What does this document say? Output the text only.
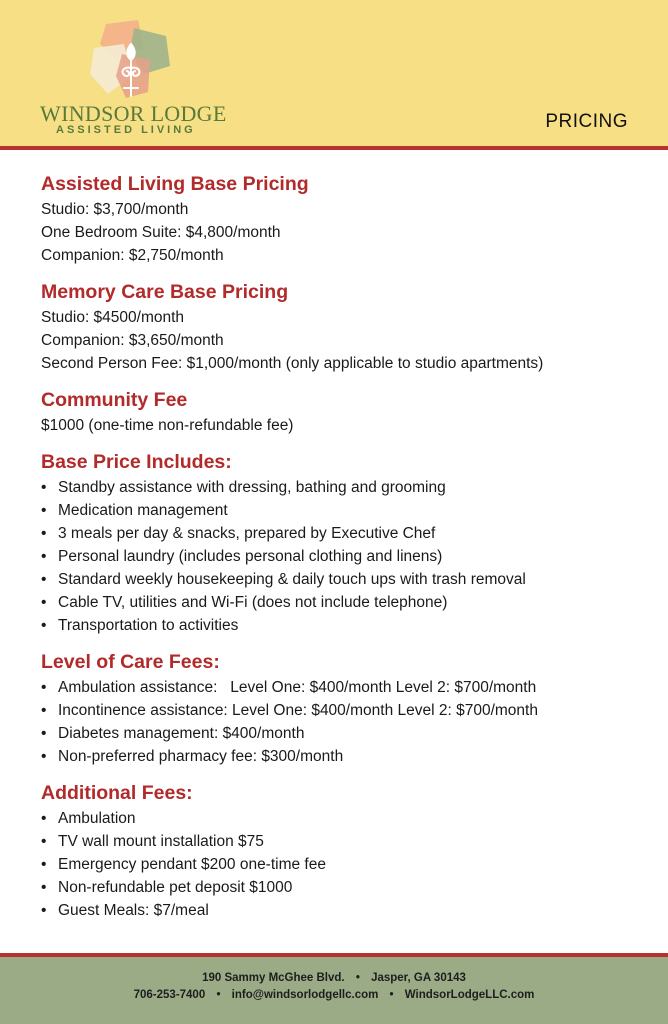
WINDSOR LODGE
ASSISTED LIVING	PRICING
Assisted Living Base Pricing
Studio: $3,700/month
One Bedroom Suite: $4,800/month
Companion: $2,750/month
Memory Care Base Pricing
Studio: $4500/month
Companion: $3,650/month
Second Person Fee: $1,000/month (only applicable to studio apartments)
Community Fee
$1000 (one-time non-refundable fee)
Base Price Includes:
• Standby assistance with dressing, bathing and grooming
• Medication management
• 3 meals per day & snacks, prepared by Executive Chef
• Personal laundry (includes personal clothing and linens)
• Standard weekly housekeeping & daily touch ups with trash removal
• Cable TV, utilities and Wi-Fi (does not include telephone)
• Transportation to activities
Level of Care Fees:
• Ambulation assistance:   Level One: $400/month Level 2: $700/month
• Incontinence assistance: Level One: $400/month Level 2: $700/month
• Diabetes management: $400/month
• Non-preferred pharmacy fee: $300/month
Additional Fees:
• Ambulation
• TV wall mount installation $75
• Emergency pendant $200 one-time fee
• Non-refundable pet deposit $1000
• Guest Meals: $7/meal
190 Sammy McGhee Blvd. • Jasper, GA 30143
706-253-7400 • info@windsorlodgellc.com • WindsorLodgeLLC.com
